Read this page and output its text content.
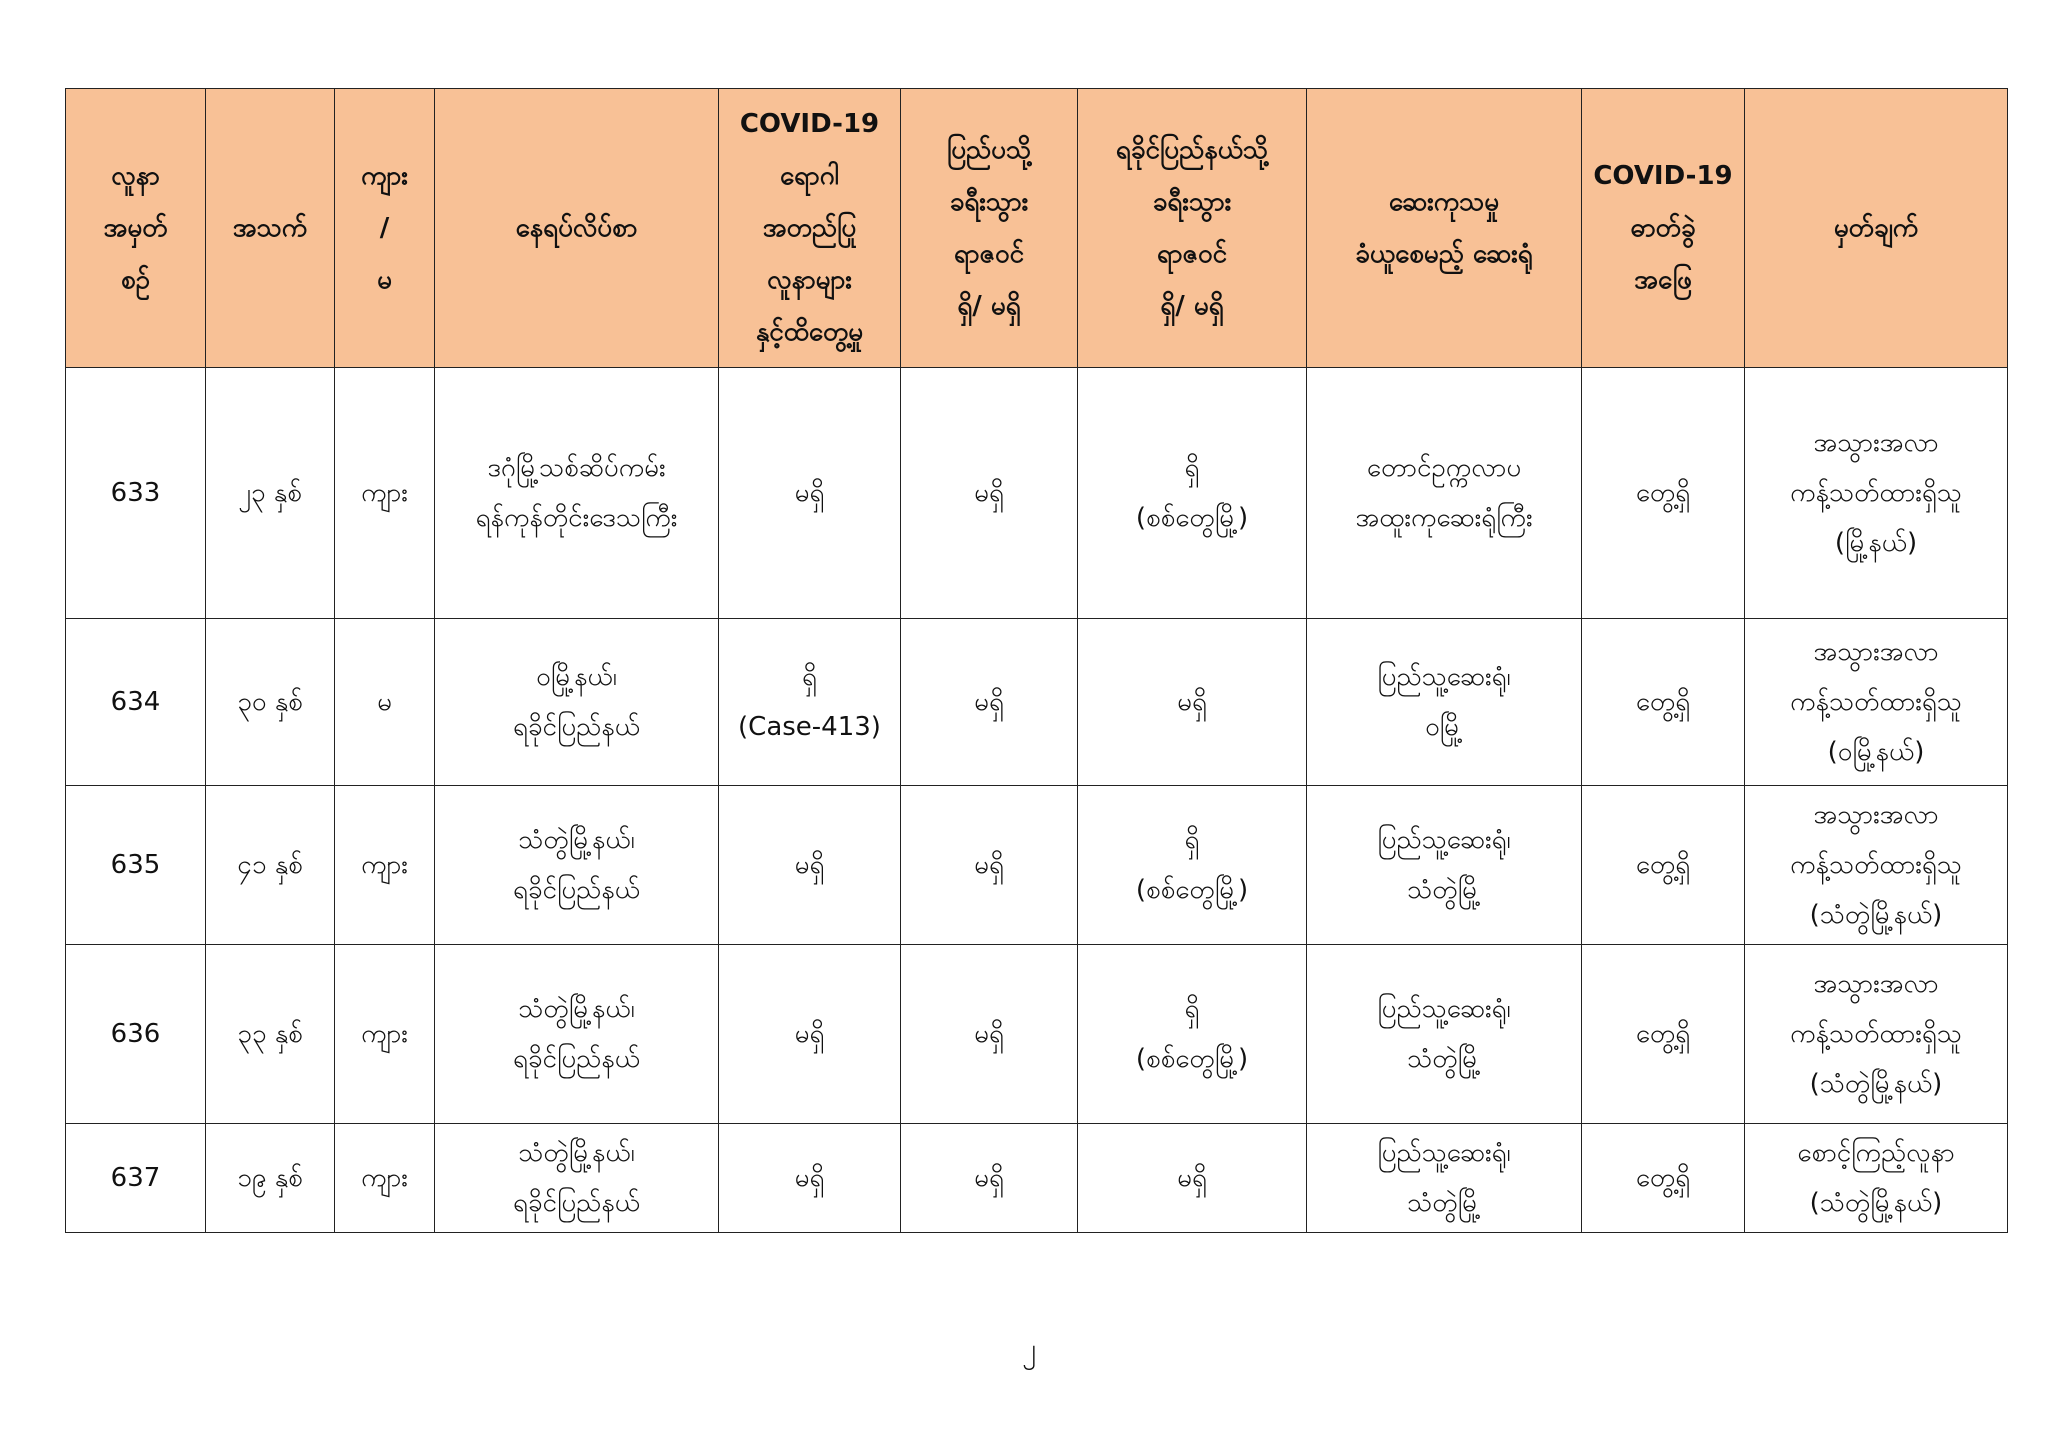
လူနာ
အမှတ်
စဉ်	အသက်	ကျား
/
မ	နေရပ်လိပ်စာ	COVID-19
ရောဂါ
အတည်ပြု
လူနာများ
နှင့်ထိတွေ့မှု	ပြည်ပသို့
ခရီးသွား
ရာဇဝင်
ရှိ/ မရှိ	ရခိုင်ပြည်နယ်သို့
ခရီးသွား
ရာဇဝင်
ရှိ/ မရှိ	ဆေးကုသမှု
ခံယူစေမည့် ဆေးရုံ	COVID-19
ဓာတ်ခွဲ
အဖြေ	မှတ်ချက်
633	၂၃ နှစ်	ကျား	ဒဂုံမြို့သစ်ဆိပ်ကမ်း
ရန်ကုန်တိုင်းဒေသကြီး	မရှိ	မရှိ	ရှိ
(စစ်တွေမြို့)	တောင်ဥက္ကလာပ
အထူးကုဆေးရုံကြီး	တွေ့ရှိ	အသွားအလာ
ကန့်သတ်ထားရှိသူ
(မြို့နယ်)

634	၃၀ နှစ်	မ	ဝမြို့နယ်၊
ရခိုင်ပြည်နယ်	ရှိ
(Case-413)	မရှိ	မရှိ	ပြည်သူ့ဆေးရုံ၊
ဝမြို့	တွေ့ရှိ	အသွားအလာ
ကန့်သတ်ထားရှိသူ
(ဝမြို့နယ်)

635	၄၁ နှစ်	ကျား	သံတွဲမြို့နယ်၊
ရခိုင်ပြည်နယ်	မရှိ	မရှိ	ရှိ
(စစ်တွေမြို့)	ပြည်သူ့ဆေးရုံ၊
သံတွဲမြို့	တွေ့ရှိ	အသွားအလာ
ကန့်သတ်ထားရှိသူ
(သံတွဲမြို့နယ်)

636	၃၃ နှစ်	ကျား	သံတွဲမြို့နယ်၊
ရခိုင်ပြည်နယ်	မရှိ	မရှိ	ရှိ
(စစ်တွေမြို့)	ပြည်သူ့ဆေးရုံ၊
သံတွဲမြို့	တွေ့ရှိ	အသွားအလာ
ကန့်သတ်ထားရှိသူ
(သံတွဲမြို့နယ်)

637	၁၉ နှစ်	ကျား	သံတွဲမြို့နယ်၊
ရခိုင်ပြည်နယ်	မရှိ	မရှိ	မရှိ	ပြည်သူ့ဆေးရုံ၊
သံတွဲမြို့	တွေ့ရှိ	စောင့်ကြည့်လူနာ
(သံတွဲမြို့နယ်)
၂
